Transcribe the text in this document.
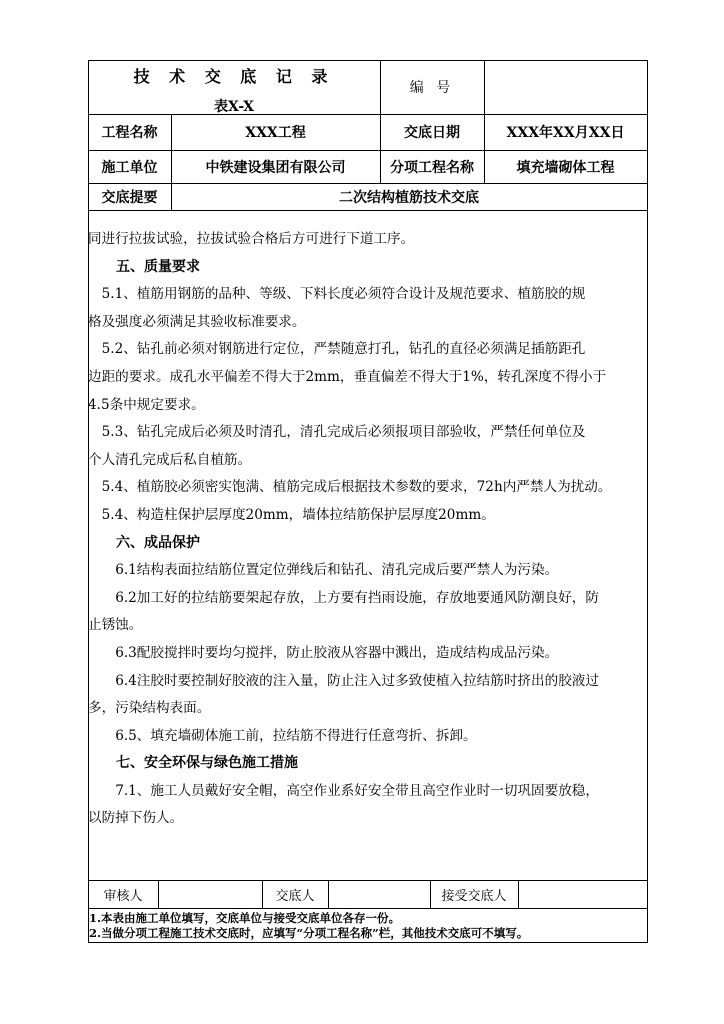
技 术 交 底 记 录
表X-X
编 号
工程名称	XXX工程	交底日期	XXX年XX月XX日
施工单位	中铁建设集团有限公司	分项工程名称	填充墙砌体工程
交底提要	二次结构植筋技术交底

同进行拉拔试验，拉拔试验合格后方可进行下道工序。

五、质量要求

5.1、植筋用钢筋的品种、等级、下料长度必须符合设计及规范要求、植筋胶的规

格及强度必须满足其验收标准要求。

5.2、钻孔前必须对钢筋进行定位，严禁随意打孔，钻孔的直径必须满足插筋距孔

边距的要求。成孔水平偏差不得大于2mm，垂直偏差不得大于1%，转孔深度不得小于

4.5条中规定要求。

5.3、钻孔完成后必须及时清孔，清孔完成后必须报项目部验收，严禁任何单位及

个人清孔完成后私自植筋。

5.4、植筋胶必须密实饱满、植筋完成后根据技术参数的要求，72h内严禁人为扰动。

5.4、构造柱保护层厚度20mm，墙体拉结筋保护层厚度20mm。

六、成品保护

6.1结构表面拉结筋位置定位弹线后和钻孔、清孔完成后要严禁人为污染。

6.2加工好的拉结筋要架起存放，上方要有挡雨设施，存放地要通风防潮良好，防

止锈蚀。

6.3配胶搅拌时要均匀搅拌，防止胶液从容器中溅出，造成结构成品污染。

6.4注胶时要控制好胶液的注入量，防止注入过多致使植入拉结筋时挤出的胶液过

多，污染结构表面。

6.5、填充墙砌体施工前，拉结筋不得进行任意弯折、拆卸。

七、安全环保与绿色施工措施

7.1、施工人员戴好安全帽，高空作业系好安全带且高空作业时一切巩固要放稳，

以防掉下伤人。

审核人	交底人	接受交底人
1.本表由施工单位填写，交底单位与接受交底单位各存一份。
2.当做分项工程施工技术交底时，应填写“分项工程名称”栏，其他技术交底可不填写。
